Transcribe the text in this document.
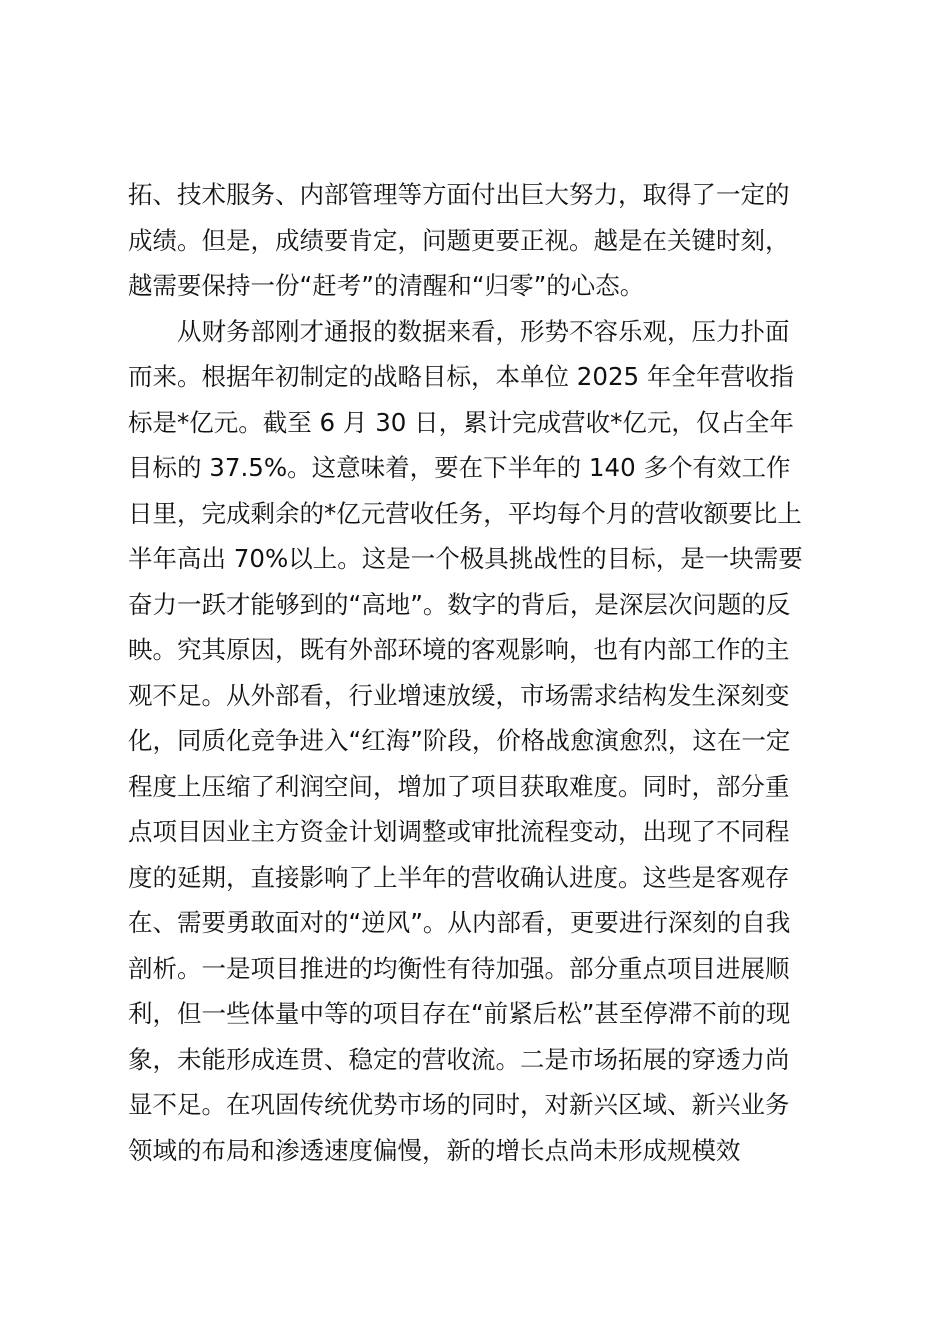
拓、技术服务、内部管理等方面付出巨大努力，取得了一定的
成绩。但是，成绩要肯定，问题更要正视。越是在关键时刻，
越需要保持一份“赶考”的清醒和“归零”的心态。
从财务部刚才通报的数据来看，形势不容乐观，压力扑面
而来。根据年初制定的战略目标，本单位 2025 年全年营收指
标是*亿元。截至 6 月 30 日，累计完成营收*亿元，仅占全年
目标的 37.5%。这意味着，要在下半年的 140 多个有效工作
日里，完成剩余的*亿元营收任务，平均每个月的营收额要比上
半年高出 70%以上。这是一个极具挑战性的目标，是一块需要
奋力一跃才能够到的“高地”。数字的背后，是深层次问题的反
映。究其原因，既有外部环境的客观影响，也有内部工作的主
观不足。从外部看，行业增速放缓，市场需求结构发生深刻变
化，同质化竞争进入“红海”阶段，价格战愈演愈烈，这在一定
程度上压缩了利润空间，增加了项目获取难度。同时，部分重
点项目因业主方资金计划调整或审批流程变动，出现了不同程
度的延期，直接影响了上半年的营收确认进度。这些是客观存
在、需要勇敢面对的“逆风”。从内部看，更要进行深刻的自我
剖析。一是项目推进的均衡性有待加强。部分重点项目进展顺
利，但一些体量中等的项目存在“前紧后松”甚至停滞不前的现
象，未能形成连贯、稳定的营收流。二是市场拓展的穿透力尚
显不足。在巩固传统优势市场的同时，对新兴区域、新兴业务
领域的布局和渗透速度偏慢，新的增长点尚未形成规模效
